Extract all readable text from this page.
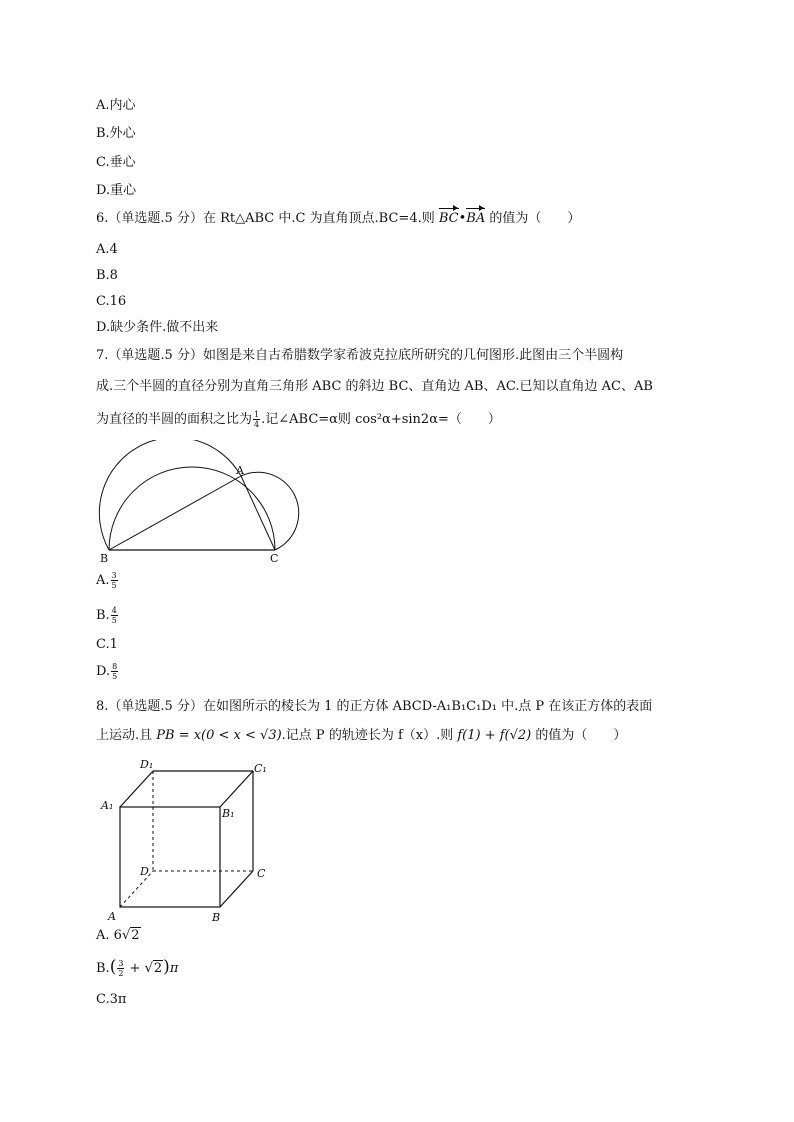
A.内心
B.外心
C.垂心
D.重心
6.（单选题.5 分）在 Rt△ABC 中.C 为直角顶点.BC=4.则 BC•BA 的值为（　　）
A.4
B.8
C.16
D.缺少条件.做不出来
7.（单选题.5 分）如图是来自古希腊数学家希波克拉底所研究的几何图形.此图由三个半圆构
成.三个半圆的直径分别为直角三角形 ABC 的斜边 BC、直角边 AB、AC.已知以直角边 AC、AB
为直径的半圆的面积之比为 $\frac{1}{4}$ .记∠ABC=α则 cos²α+sin2α=（　　）
A
B	C
A. $\frac{3}{5}$
B. $\frac{4}{5}$
C.1
D. $\frac{8}{5}$
8.（单选题.5 分）在如图所示的棱长为 1 的正方体 ABCD-A₁B₁C₁D₁ 中.点 P 在该正方体的表面
上运动.且 PB = x(0 < x < √3).记点 P 的轨迹长为 f（x）.则 f(1) + f(√2) 的值为（　　）
D₁	C₁
A₁
B₁
D	C
A	B
A. 6√2
$B.( \frac{3}{2} + √2)\pi$
C.3π
